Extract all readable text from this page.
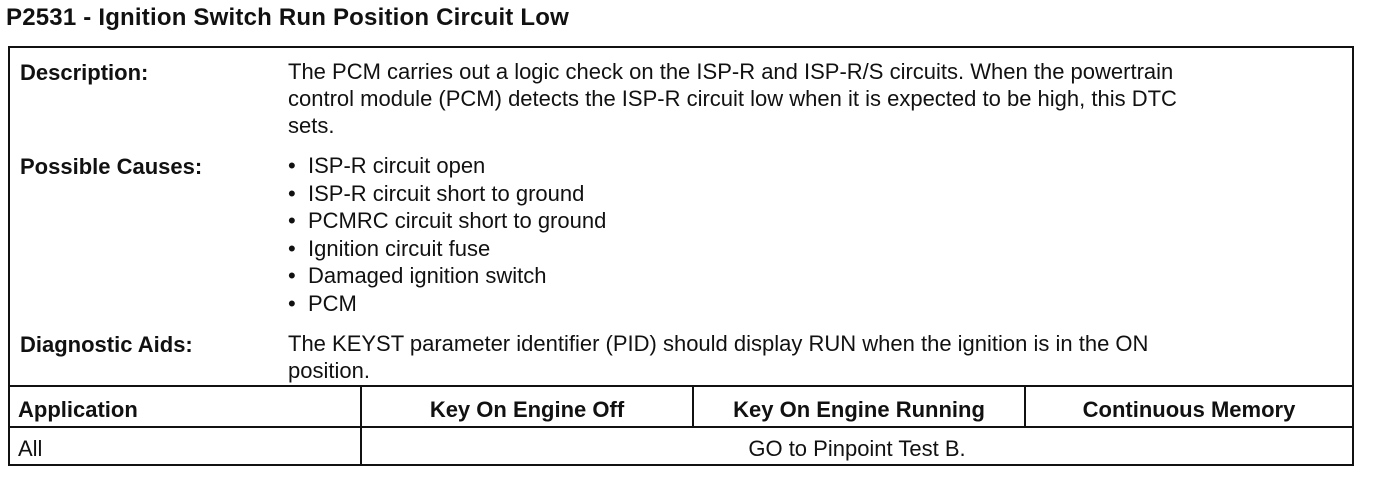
P2531 - Ignition Switch Run Position Circuit Low
Description:	The PCM carries out a logic check on the ISP-R and ISP-R/S circuits. When the powertrain
control module (PCM) detects the ISP-R circuit low when it is expected to be high, this DTC
sets.
Possible Causes:
•	ISP-R circuit open
• ISP-R circuit short to ground
• PCMRC circuit short to ground
• Ignition circuit fuse
• Damaged ignition switch
• PCM
Diagnostic Aids:	The KEYST parameter identifier (PID) should display RUN when the ignition is in the ON
position.
Application	Key On Engine Off	Key On Engine Running	Continuous Memory
All	GO to Pinpoint Test B.
